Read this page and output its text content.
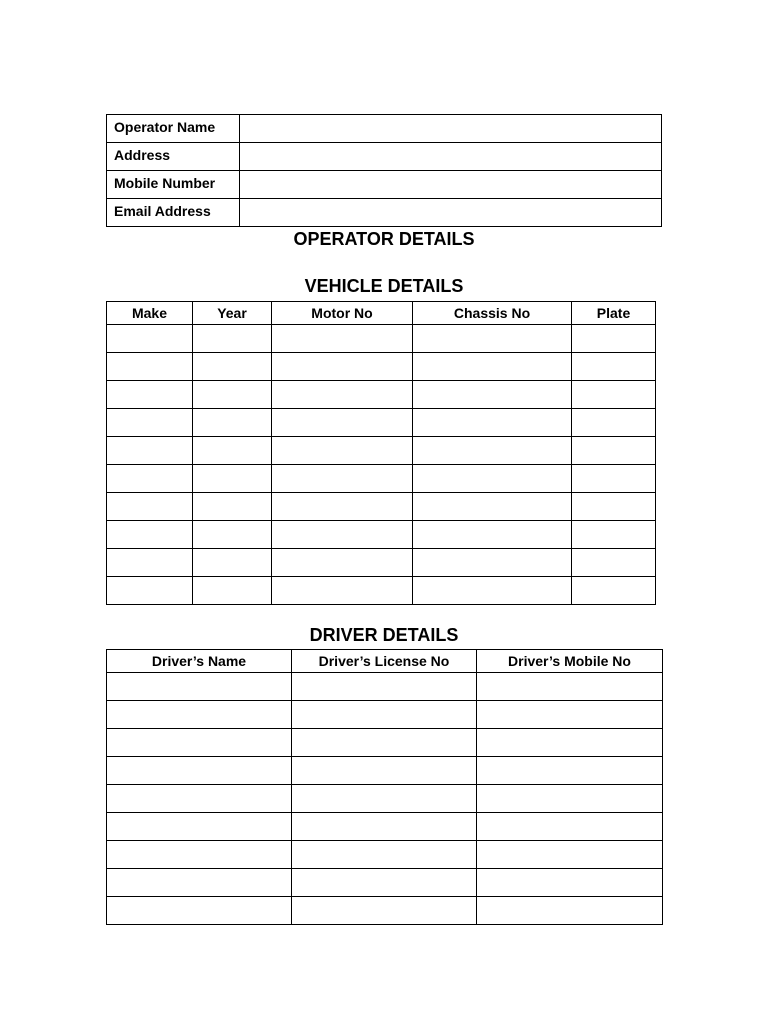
Operator Name	
Address	
Mobile Number	
Email Address	
OPERATOR DETAILS
VEHICLE DETAILS
Make	Year	Motor No	Chassis No	Plate

DRIVER DETAILS
Driver’s Name	Driver’s License No	Driver’s Mobile No
